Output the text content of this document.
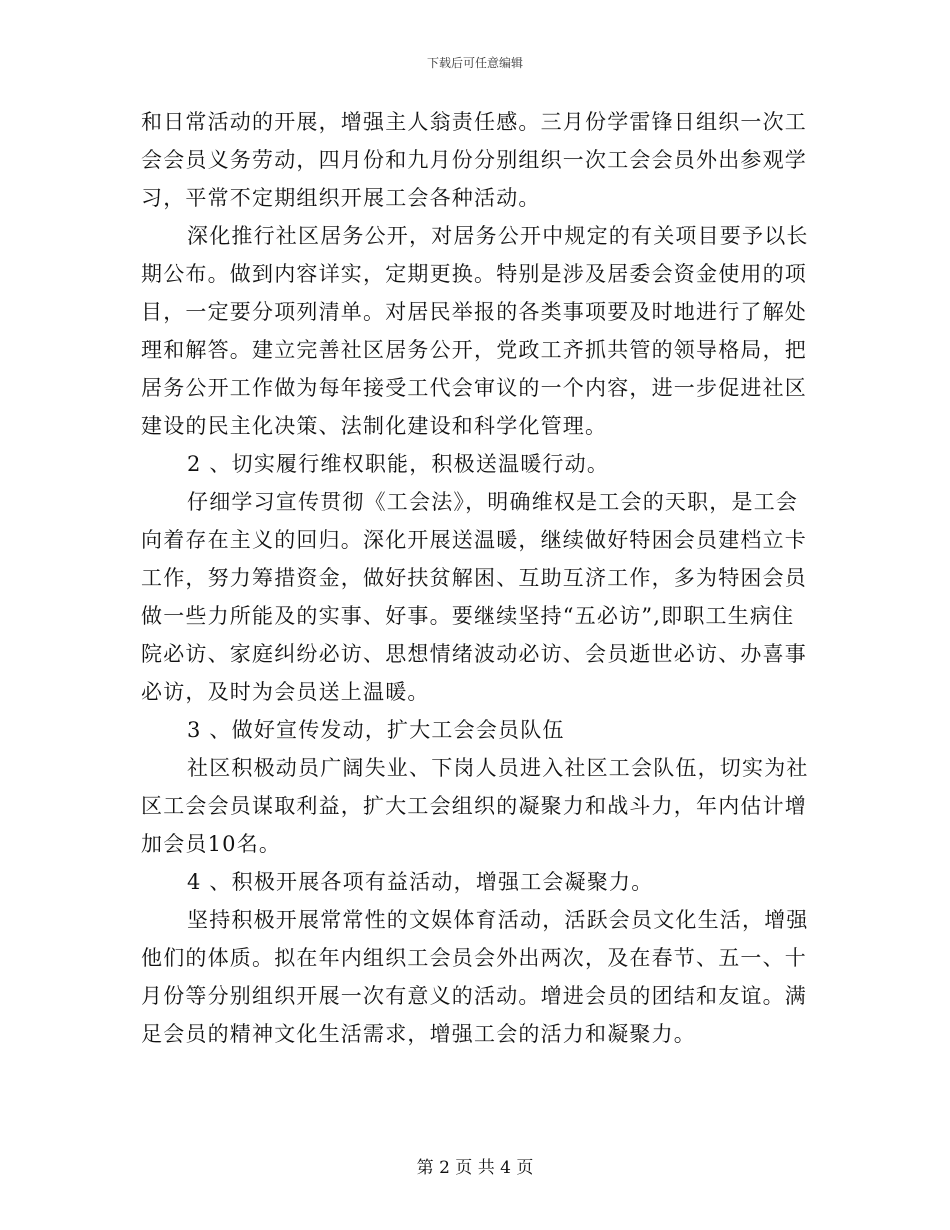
下载后可任意编辑
和日常活动的开展，增强主人翁责任感。三月份学雷锋日组织一次工
会会员义务劳动，四月份和九月份分别组织一次工会会员外出参观学
习，平常不定期组织开展工会各种活动。
深化推行社区居务公开，对居务公开中规定的有关项目要予以长
期公布。做到内容详实，定期更换。特别是涉及居委会资金使用的项
目，一定要分项列清单。对居民举报的各类事项要及时地进行了解处
理和解答。建立完善社区居务公开，党政工齐抓共管的领导格局，把
居务公开工作做为每年接受工代会审议的一个内容，进一步促进社区
建设的民主化决策、法制化建设和科学化管理。
2 、切实履行维权职能，积极送温暖行动。
仔细学习宣传贯彻《工会法》，明确维权是工会的天职，是工会
向着存在主义的回归。深化开展送温暖，继续做好特困会员建档立卡
工作，努力筹措资金，做好扶贫解困、互助互济工作，多为特困会员
做一些力所能及的实事、好事。要继续坚持“五必访”,即职工生病住
院必访、家庭纠纷必访、思想情绪波动必访、会员逝世必访、办喜事
必访，及时为会员送上温暖。
3 、做好宣传发动，扩大工会会员队伍
社区积极动员广阔失业、下岗人员进入社区工会队伍，切实为社
区工会会员谋取利益，扩大工会组织的凝聚力和战斗力，年内估计增
加会员10名。
4 、积极开展各项有益活动，增强工会凝聚力。
坚持积极开展常常性的文娱体育活动，活跃会员文化生活，增强
他们的体质。拟在年内组织工会员会外出两次，及在春节、五一、十
月份等分别组织开展一次有意义的活动。增进会员的团结和友谊。满
足会员的精神文化生活需求，增强工会的活力和凝聚力。
第 2 页 共 4 页
